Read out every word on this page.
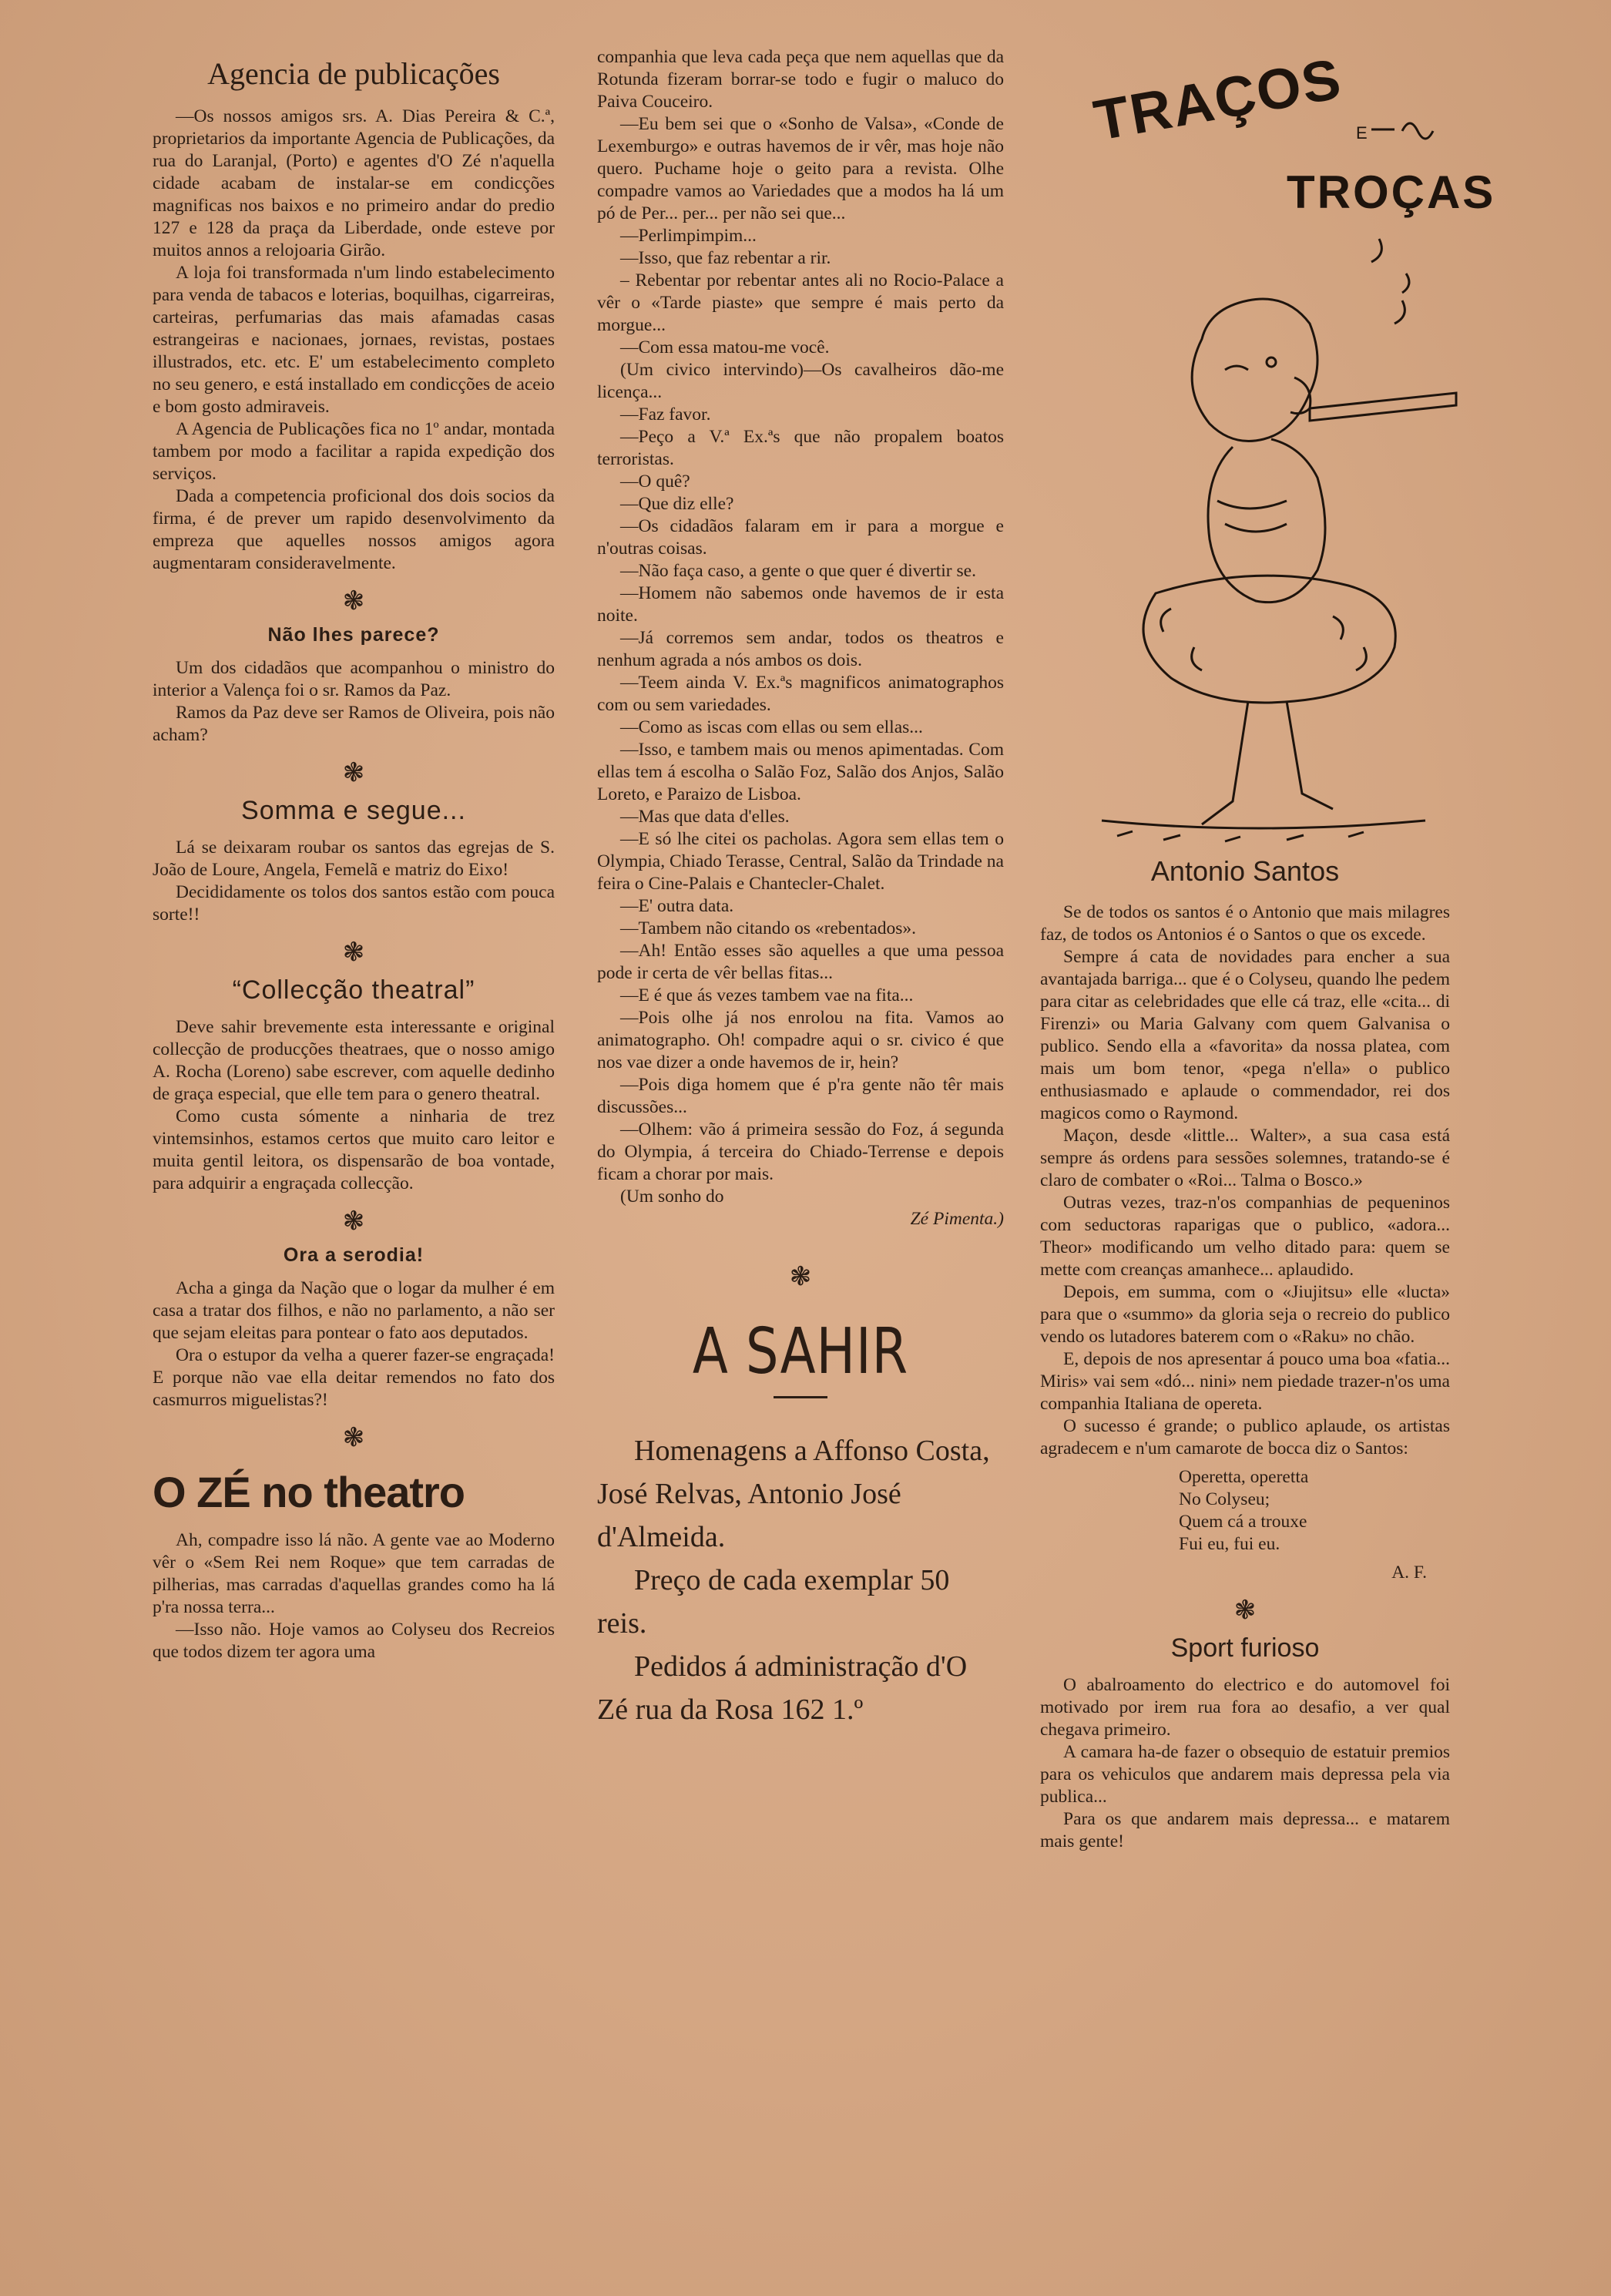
Agencia de publicações

—Os nossos amigos srs. A. Dias Pereira & C.ª, proprietarios da importante Agencia de Publicações, da rua do Laranjal, (Porto) e agentes d'O Zé n'aquella cidade acabam de instalar-se em condicções magnificas nos baixos e no primeiro andar do predio 127 e 128 da praça da Liberdade, onde esteve por muitos annos a relojoaria Girão.

A loja foi transformada n'um lindo estabelecimento para venda de tabacos e loterias, boquilhas, cigarreiras, carteiras, perfumarias das mais afamadas casas estrangeiras e nacionaes, jornaes, revistas, postaes illustrados, etc. etc. E' um estabelecimento completo no seu genero, e está installado em condicções de aceio e bom gosto admiraveis.

A Agencia de Publicações fica no 1º andar, montada tambem por modo a facilitar a rapida expedição dos serviços.

Dada a competencia proficional dos dois socios da firma, é de prever um rapido desenvolvimento da empreza que aquelles nossos amigos agora augmentaram consideravelmente.

❃
Não lhes parece?

Um dos cidadãos que acompanhou o ministro do interior a Valença foi o sr. Ramos da Paz.

Ramos da Paz deve ser Ramos de Oliveira, pois não acham?

❃
Somma e segue...

Lá se deixaram roubar os santos das egrejas de S. João de Loure, Angela, Femelã e matriz do Eixo!

Decididamente os tolos dos santos estão com pouca sorte!!

❃
“Collecção theatral”

Deve sahir brevemente esta interessante e original collecção de producções theatraes, que o nosso amigo A. Rocha (Loreno) sabe escrever, com aquelle dedinho de graça especial, que elle tem para o genero theatral.

Como custa sómente a ninharia de trez vintemsinhos, estamos certos que muito caro leitor e muita gentil leitora, os dispensarão de boa vontade, para adquirir a engraçada collecção.

❃
Ora a serodia!

Acha a ginga da Nação que o logar da mulher é em casa a tratar dos filhos, e não no parlamento, a não ser que sejam eleitas para pontear o fato aos deputados.

Ora o estupor da velha a querer fazer-se engraçada! E porque não vae ella deitar remendos no fato dos casmurros miguelistas?!

❃
O ZÉ no theatro

Ah, compadre isso lá não. A gente vae ao Moderno vêr o «Sem Rei nem Roque» que tem carradas de pilherias, mas carradas d'aquellas grandes como ha lá p'ra nossa terra...

—Isso não. Hoje vamos ao Colyseu dos Recreios que todos dizem ter agora uma

companhia que leva cada peça que nem aquellas que da Rotunda fizeram borrar-se todo e fugir o maluco do Paiva Couceiro.

—Eu bem sei que o «Sonho de Valsa», «Conde de Lexemburgo» e outras havemos de ir vêr, mas hoje não quero. Puchame hoje o geito para a revista. Olhe compadre vamos ao Variedades que a modos ha lá um pó de Per... per... per não sei que...

—Perlimpimpim...

—Isso, que faz rebentar a rir.

– Rebentar por rebentar antes ali no Rocio-Palace a vêr o «Tarde piaste» que sempre é mais perto da morgue...

—Com essa matou-me você.

(Um civico intervindo)—Os cavalheiros dão-me licença...

—Faz favor.

—Peço a V.ª Ex.ªs que não propalem boatos terroristas.

—O quê?

—Que diz elle?

—Os cidadãos falaram em ir para a morgue e n'outras coisas.

—Não faça caso, a gente o que quer é divertir se.

—Homem não sabemos onde havemos de ir esta noite.

—Já corremos sem andar, todos os theatros e nenhum agrada a nós ambos os dois.

—Teem ainda V. Ex.ªs magnificos animatographos com ou sem variedades.

—Como as iscas com ellas ou sem ellas...

—Isso, e tambem mais ou menos apimentadas. Com ellas tem á escolha o Salão Foz, Salão dos Anjos, Salão Loreto, e Paraizo de Lisboa.

—Mas que data d'elles.

—E só lhe citei os pacholas. Agora sem ellas tem o Olympia, Chiado Terasse, Central, Salão da Trindade na feira o Cine-Palais e Chantecler-Chalet.

—E' outra data.

—Tambem não citando os «rebentados».

—Ah! Então esses são aquelles a que uma pessoa pode ir certa de vêr bellas fitas...

—E é que ás vezes tambem vae na fita...

—Pois olhe já nos enrolou na fita. Vamos ao animatographo. Oh! compadre aqui o sr. civico é que nos vae dizer a onde havemos de ir, hein?

—Pois diga homem que é p'ra gente não têr mais discussões...

—Olhem: vão á primeira sessão do Foz, á segunda do Olympia, á terceira do Chiado-Terrense e depois ficam a chorar por mais.

(Um sonho do

Zé Pimenta.)

❃
A SAHIR

Homenagens a Affonso Costa, José Relvas, Antonio José d'Almeida.

Preço de cada exemplar 50 reis.

Pedidos á administração d'O Zé rua da Rosa 162 1.º

TRAÇOS E
TROÇAS
Antonio Santos

Se de todos os santos é o Antonio que mais milagres faz, de todos os Antonios é o Santos o que os excede.

Sempre á cata de novidades para encher a sua avantajada barriga... que é o Colyseu, quando lhe pedem para citar as celebridades que elle cá traz, elle «cita... di Firenzi» ou Maria Galvany com quem Galvanisa o publico. Sendo ella a «favorita» da nossa platea, com mais um bom tenor, «pega n'ella» o publico enthusiasmado e aplaude o commendador, rei dos magicos como o Raymond.

Maçon, desde «little... Walter», a sua casa está sempre ás ordens para sessões solemnes, tratando-se é claro de combater o «Roi... Talma o Bosco.»

Outras vezes, traz-n'os companhias de pequeninos com seductoras raparigas que o publico, «adora... Theor» modificando um velho ditado para: quem se mette com creanças amanhece... aplaudido.

Depois, em summa, com o «Jiujitsu» elle «lucta» para que o «summo» da gloria seja o recreio do publico vendo os lutadores baterem com o «Raku» no chão.

E, depois de nos apresentar á pouco uma boa «fatia... Miris» vai sem «dó... nini» nem piedade trazer-n'os uma companhia Italiana de opereta.

O sucesso é grande; o publico aplaude, os artistas agradecem e n'um camarote de bocca diz o Santos:

Operetta, operetta
No Colyseu;
Quem cá a trouxe
Fui eu, fui eu.

A. F.

❃
Sport furioso

O abalroamento do electrico e do automovel foi motivado por irem rua fora ao desafio, a ver qual chegava primeiro.

A camara ha-de fazer o obsequio de estatuir premios para os vehiculos que andarem mais depressa pela via publica...

Para os que andarem mais depressa... e matarem mais gente!
